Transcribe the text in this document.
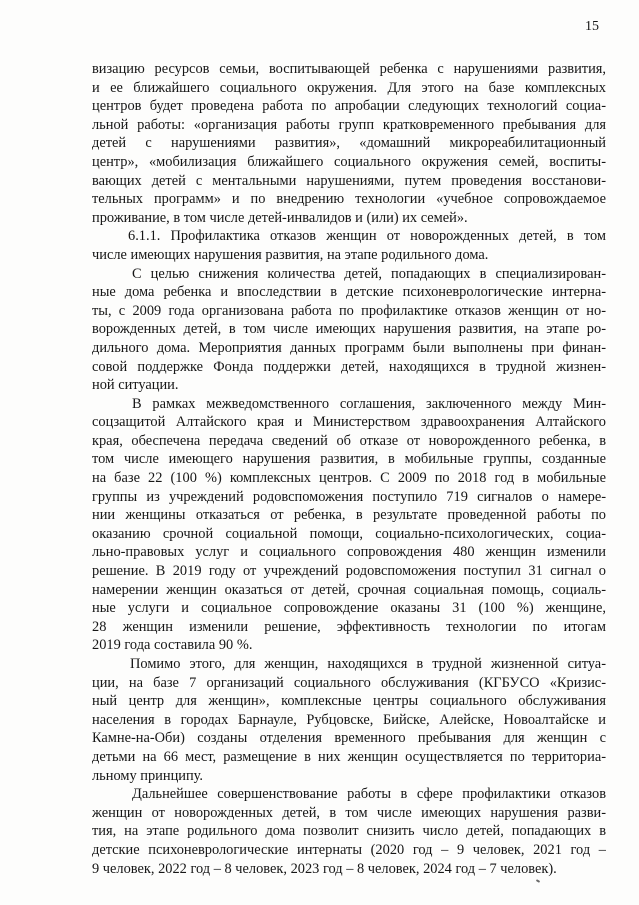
15
визацию ресурсов семьи, воспитывающей ребенка с нарушениями развития,
и ее ближайшего социального окружения. Для этого на базе комплексных
центров будет проведена работа по апробации следующих технологий социа-
льной работы: «организация работы групп кратковременного пребывания для
детей с нарушениями развития», «домашний микрореабилитационный
центр», «мобилизация ближайшего социального окружения семей, воспиты-
вающих детей с ментальными нарушениями, путем проведения восстанови-
тельных программ» и по внедрению технологии «учебное сопровождаемое
проживание, в том числе детей-инвалидов и (или) их семей».
6.1.1. Профилактика отказов женщин от новорожденных детей, в том
числе имеющих нарушения развития, на этапе родильного дома.
С целью снижения количества детей, попадающих в специализирован-
ные дома ребенка и впоследствии в детские психоневрологические интерна-
ты, с 2009 года организована работа по профилактике отказов женщин от но-
ворожденных детей, в том числе имеющих нарушения развития, на этапе ро-
дильного дома. Мероприятия данных программ были выполнены при финан-
совой поддержке Фонда поддержки детей, находящихся в трудной жизнен-
ной ситуации.
В рамках межведомственного соглашения, заключенного между Мин-
соцзащитой Алтайского края и Министерством здравоохранения Алтайского
края, обеспечена передача сведений об отказе от новорожденного ребенка, в
том числе имеющего нарушения развития, в мобильные группы, созданные
на базе 22 (100 %) комплексных центров. С 2009 по 2018 год в мобильные
группы из учреждений родовспоможения поступило 719 сигналов о намере-
нии женщины отказаться от ребенка, в результате проведенной работы по
оказанию срочной социальной помощи, социально-психологических, социа-
льно-правовых услуг и социального сопровождения 480 женщин изменили
решение. В 2019 году от учреждений родовспоможения поступил 31 сигнал о
намерении женщин оказаться от детей, срочная социальная помощь, социаль-
ные услуги и социальное сопровождение оказаны 31 (100 %) женщине,
28 женщин изменили решение, эффективность технологии по итогам
2019 года составила 90 %.
Помимо этого, для женщин, находящихся в трудной жизненной ситуа-
ции, на базе 7 организаций социального обслуживания (КГБУСО «Кризис-
ный центр для женщин», комплексные центры социального обслуживания
населения в городах Барнауле, Рубцовске, Бийске, Алейске, Новоалтайске и
Камне-на-Оби) созданы отделения временного пребывания для женщин с
детьми на 66 мест, размещение в них женщин осуществляется по территориа-
льному принципу.
Дальнейшее совершенствование работы в сфере профилактики отказов
женщин от новорожденных детей, в том числе имеющих нарушения разви-
тия, на этапе родильного дома позволит снизить число детей, попадающих в
детские психоневрологические интернаты (2020 год – 9 человек, 2021 год –
9 человек, 2022 год – 8 человек, 2023 год – 8 человек, 2024 год – 7 человек).
